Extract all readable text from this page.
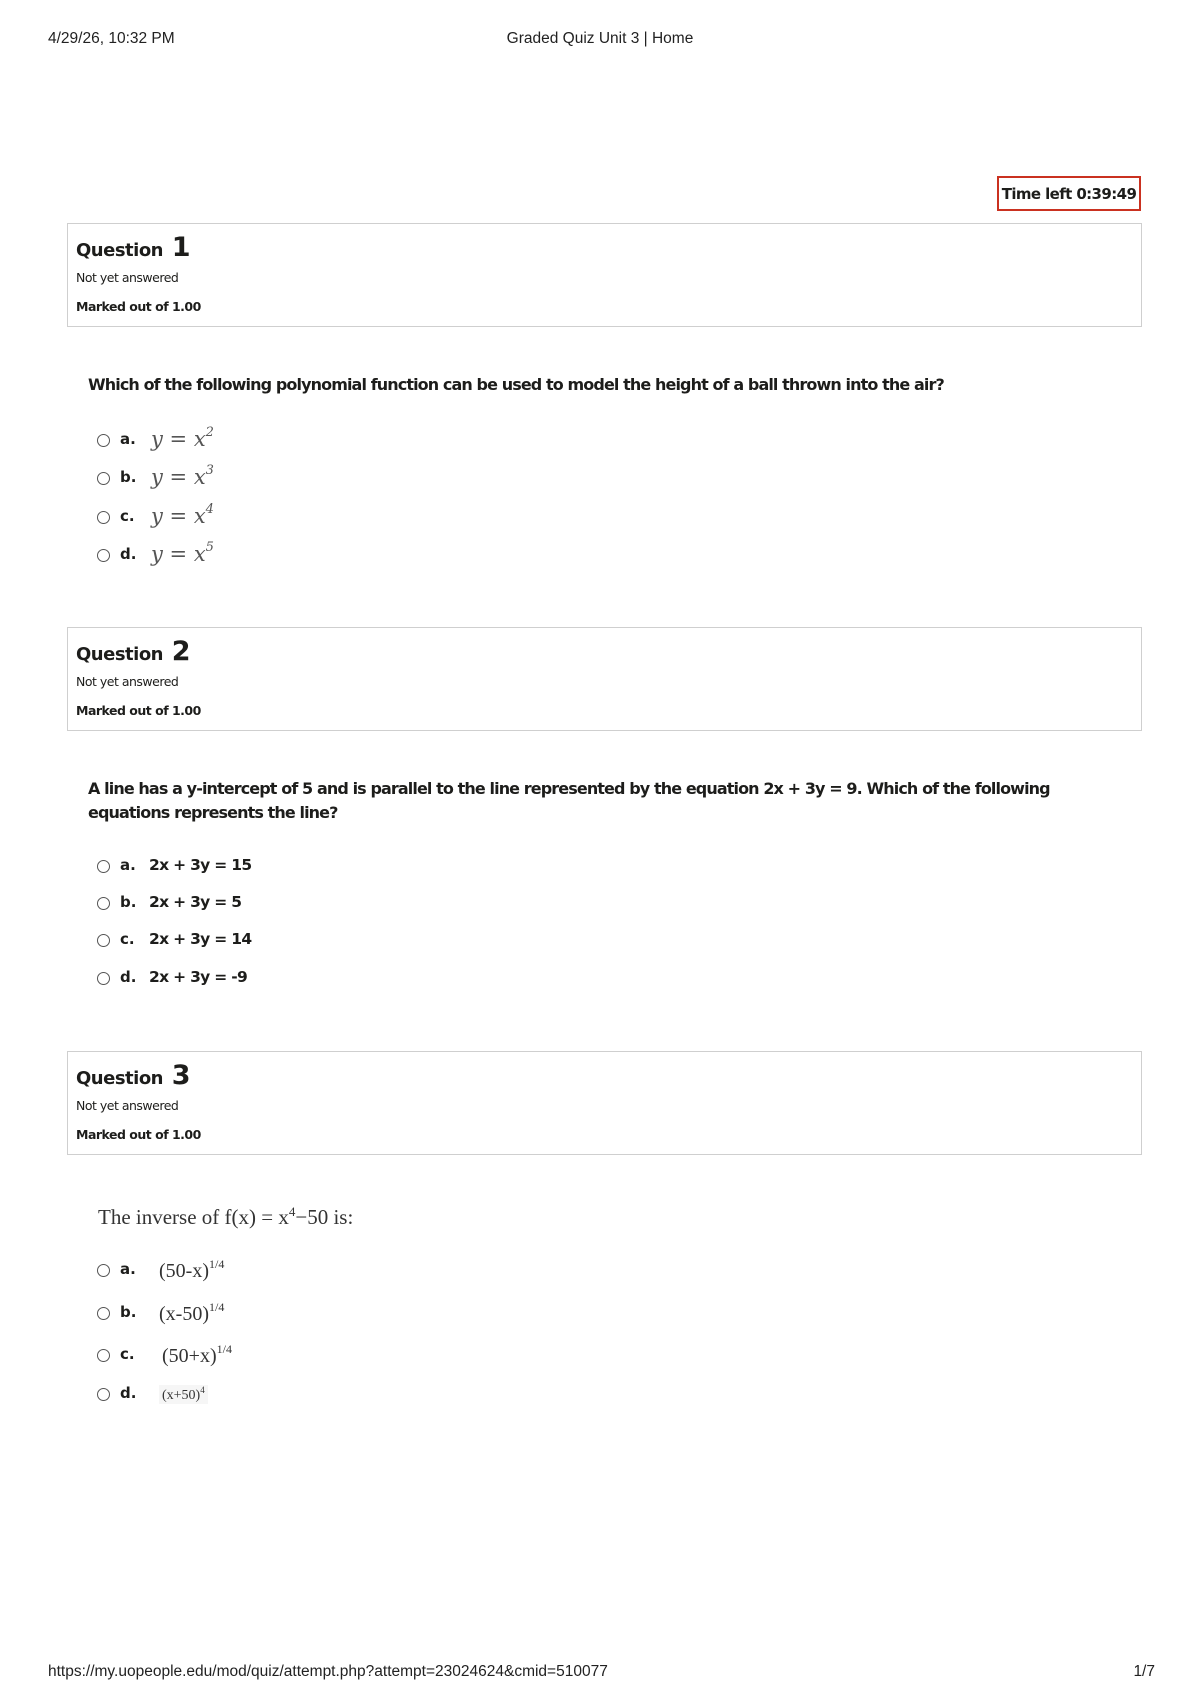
4/29/26, 10:32 PM	Graded Quiz Unit 3 | Home
Time left 0:39:49
Question 1
Not yet answered
Marked out of 1.00
Which of the following polynomial function can be used to model the height of a ball thrown into the air?
a. $y = x^2$
b. $y = x^3$
c. $y = x^4$
d. $y = x^5$
Question 2
Not yet answered
Marked out of 1.00
A line has a y-intercept of 5 and is parallel to the line represented by the equation 2x + 3y = 9. Which of the following equations represents the line?
a. 2x + 3y = 15
b. 2x + 3y = 5
c. 2x + 3y = 14
d. 2x + 3y = -9
Question 3
Not yet answered
Marked out of 1.00
The inverse of $f(x) = x^4-50$ is:
a. $(50-x)^{1/4}$
b. $(x-50)^{1/4}$
c. $(50+x)^{1/4}$
d. $(x+50)^4$
https://my.uopeople.edu/mod/quiz/attempt.php?attempt=23024624&cmid=510077	1/7
